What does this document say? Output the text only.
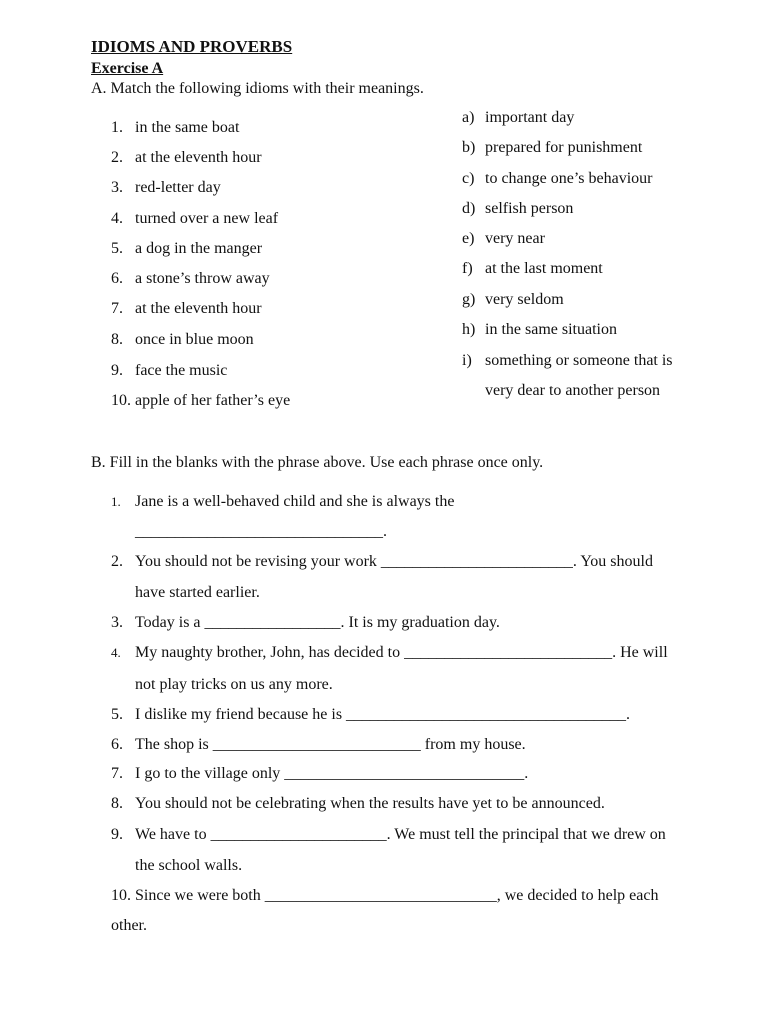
IDIOMS AND PROVERBS
Exercise A
A. Match the following idioms with their meanings.
1. in the same boat
2. at the eleventh hour
3. red-letter day
4. turned over a new leaf
5. a dog in the manger
6. a stone’s throw away
7. at the eleventh hour
8. once in blue moon
9. face the music
10. apple of her father’s eye
a) important day
b) prepared for punishment
c) to change one’s behaviour
d) selfish person
e) very near
f) at the last moment
g) very seldom
h) in the same situation
i) something or someone that is
very dear to another person
B. Fill in the blanks with the phrase above. Use each phrase once only.
1. Jane is a well-behaved child and she is always the
_______________________________.
2. You should not be revising your work ________________________. You should
have started earlier.
3. Today is a _________________. It is my graduation day.
4. My naughty brother, John, has decided to __________________________. He will
not play tricks on us any more.
5. I dislike my friend because he is ___________________________________.
6. The shop is __________________________ from my house.
7. I go to the village only ______________________________.
8. You should not be celebrating when the results have yet to be announced.
9. We have to ______________________. We must tell the principal that we drew on
the school walls.
10. Since we were both _____________________________, we decided to help each
other.
